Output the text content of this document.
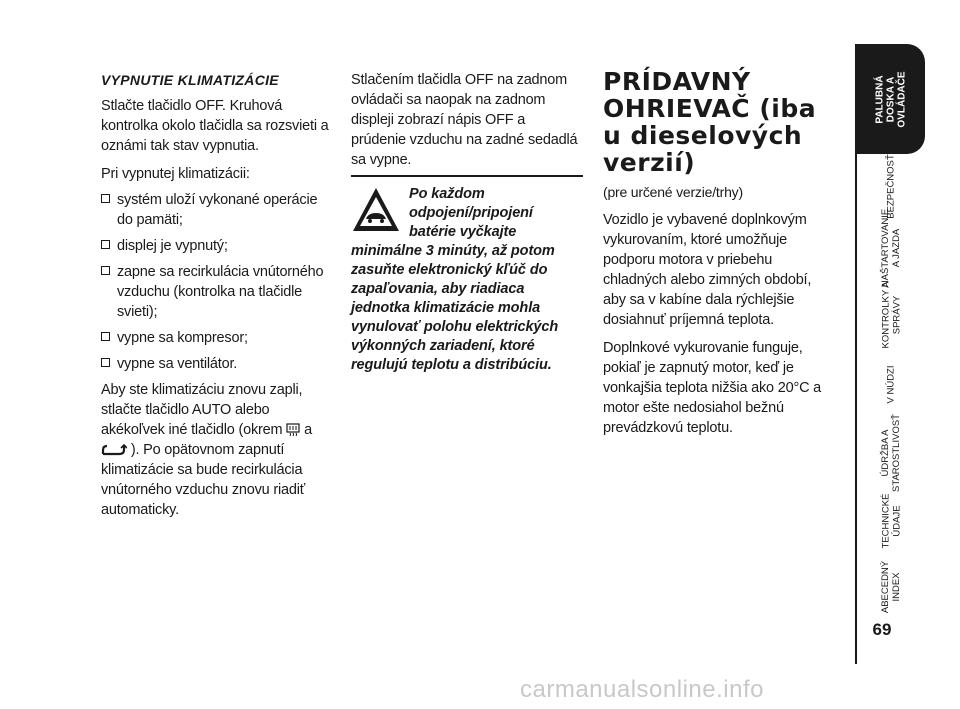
VYPNUTIE KLIMATIZÁCIE

Stlačte tlačidlo OFF. Kruhová kontrolka okolo tlačidla sa rozsvieti a oznámi tak stav vypnutia.

Pri vypnutej klimatizácii:

systém uloží vykonané operácie do pamäti;
displej je vypnutý;
zapne sa recirkulácia vnútorného vzduchu (kontrolka na tlačidle svieti);
vypne sa kompresor;
vypne sa ventilátor.

Aby ste klimatizáciu znovu zapli, stlačte tlačidlo AUTO alebo akékoľvek iné tlačidlo (okrem a  ). Po opätovnom zapnutí klimatizácie sa bude recirkulácia vnútorného vzduchu znovu riadiť automaticky.

Stlačením tlačidla OFF na zadnom ovládači sa naopak na zadnom displeji zobrazí nápis OFF a prúdenie vzduchu na zadné sedadlá sa vypne.

Po každom odpojení/pripojení batérie vyčkajte minimálne 3 minúty, až potom zasuňte elektronický kľúč do zapaľovania, aby riadiaca jednotka klimatizácie mohla vynulovať polohu elektrických výkonných zariadení, ktoré regulujú teplotu a distribúciu.
PRÍDAVNÝ OHRIEVAČ (iba u dieselových verzií)

(pre určené verzie/trhy)

Vozidlo je vybavené doplnkovým vykurovaním, ktoré umožňuje podporu motora v priebehu chladných alebo zimných období, aby sa v kabíne dala rýchlejšie dosiahnuť príjemná teplota.

Doplnkové vykurovanie funguje, pokiaľ je zapnutý motor, keď je vonkajšia teplota nižšia ako 20°C a motor ešte nedosiahol bežnú prevádzkovú teplotu.

PALUBNÁ
DOSKA A
OVLÁDAČE
BEZPEČNOSŤ
NAŠTARTOVANIE
A JAZDA
KONTROLKY A
SPRÁVY
V NÚDZI
ÚDRŽBA A
STAROSTLIVOSŤ
TECHNICKÉ
ÚDAJE
ABECEDNÝ
INDEX
69
carmanualsonline.info
